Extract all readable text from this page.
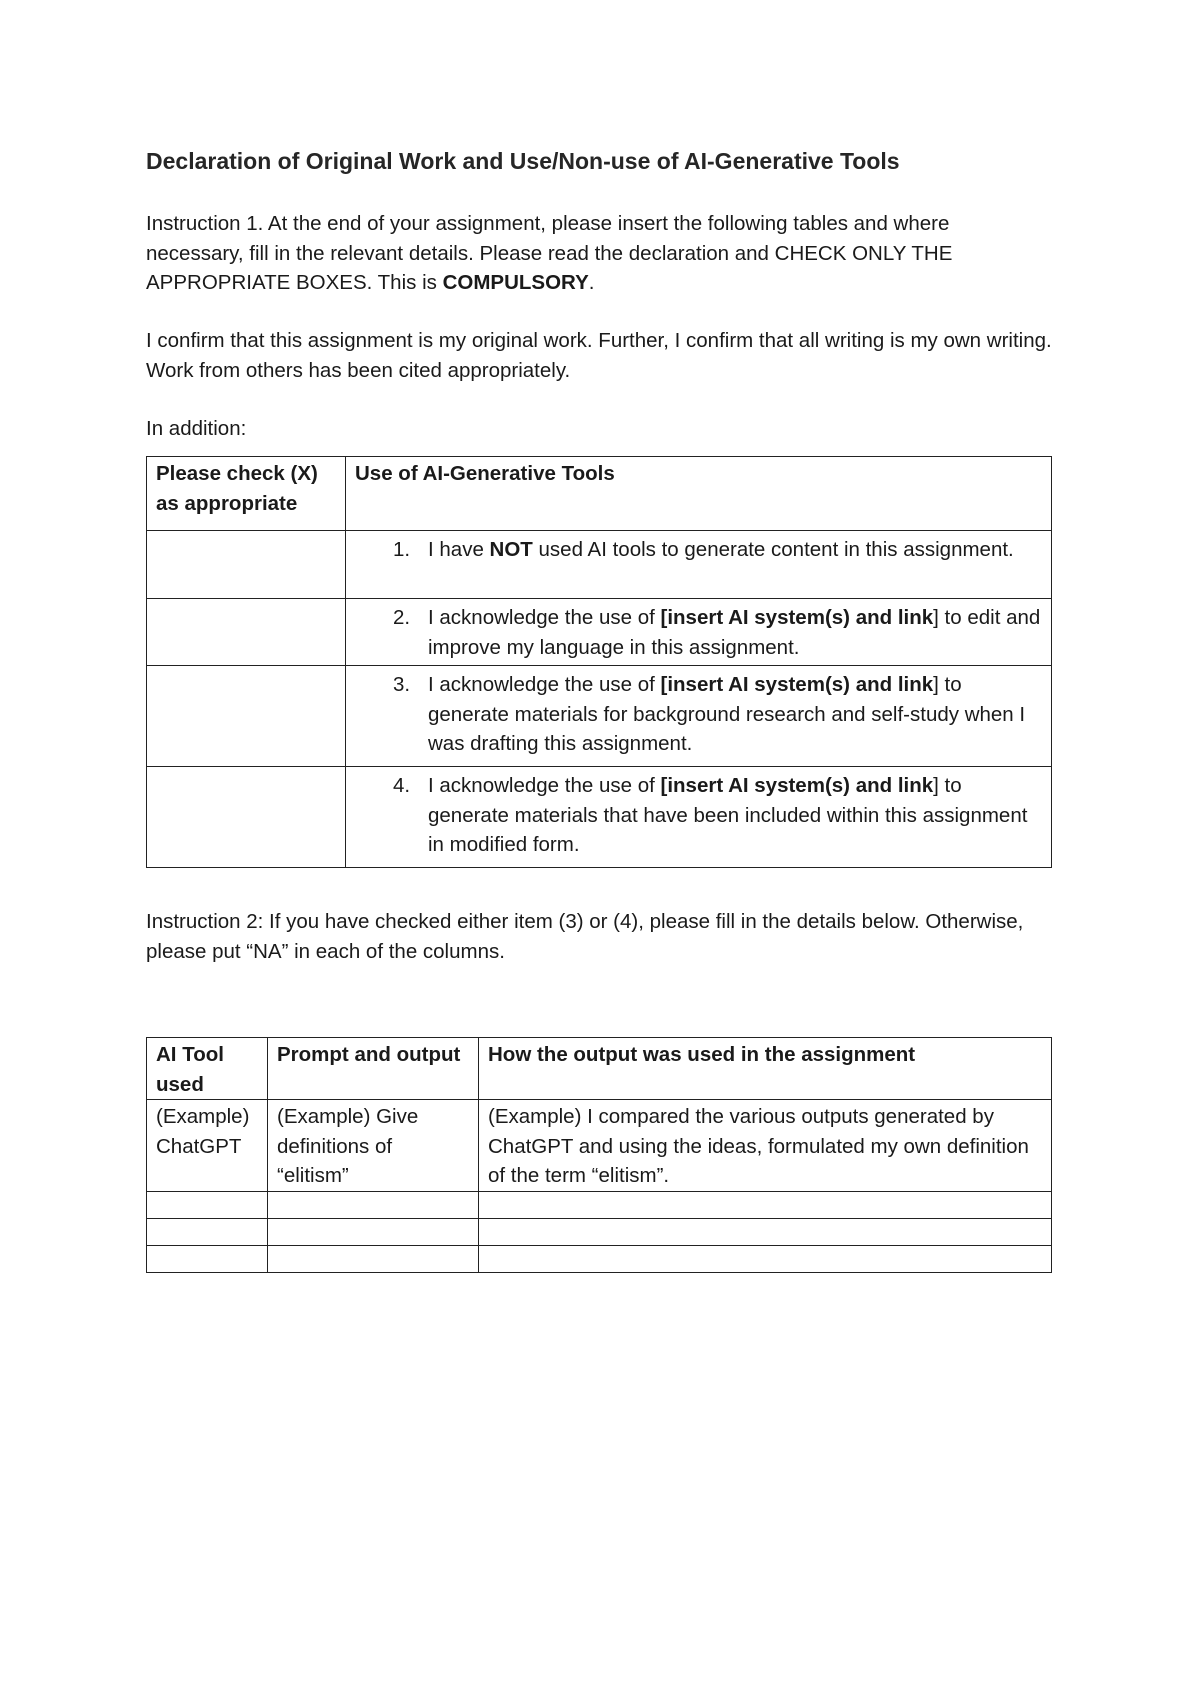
Declaration of Original Work and Use/Non-use of AI-Generative Tools

Instruction 1. At the end of your assignment, please insert the following tables and where necessary, fill in the relevant details. Please read the declaration and CHECK ONLY THE APPROPRIATE BOXES. This is COMPULSORY.

I confirm that this assignment is my original work. Further, I confirm that all writing is my own writing. Work from others has been cited appropriately.

In addition:

Please check (X) as appropriate	Use of AI-Generative Tools

	1. I have NOT used AI tools to generate content in this assignment.

	2. I acknowledge the use of [insert AI system(s) and link] to edit and improve my language in this assignment.

	3. I acknowledge the use of [insert AI system(s) and link] to generate materials for background research and self-study when I was drafting this assignment.

	4. I acknowledge the use of [insert AI system(s) and link] to generate materials that have been included within this assignment in modified form.

Instruction 2: If you have checked either item (3) or (4), please fill in the details below. Otherwise, please put “NA” in each of the columns.

AI Tool used	Prompt and output	How the output was used in the assignment
(Example) ChatGPT	(Example) Give definitions of “elitism”	(Example) I compared the various outputs generated by ChatGPT and using the ideas, formulated my own definition of the term “elitism”.
